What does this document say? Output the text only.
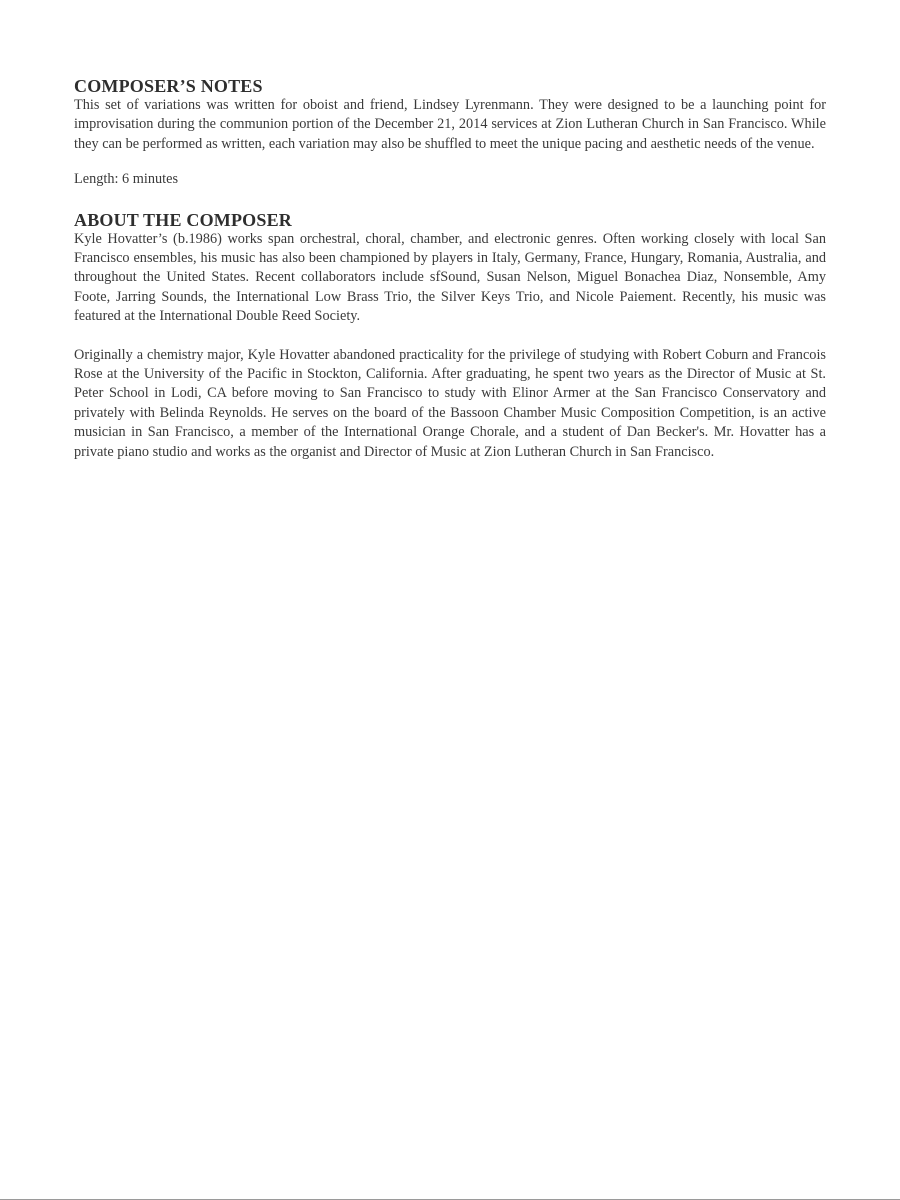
COMPOSER’S NOTES

This set of variations was written for oboist and friend, Lindsey Lyrenmann. They were designed to be a launching point for improvisation during the communion portion of the December 21, 2014 services at Zion Lutheran Church in San Francisco. While they can be performed as written, each variation may also be shuffled to meet the unique pacing and aesthetic needs of the venue.

Length: 6 minutes

ABOUT THE COMPOSER

Kyle Hovatter’s (b.1986) works span orchestral, choral, chamber, and electronic genres. Often working closely with local San Francisco ensembles, his music has also been championed by players in Italy, Germany, France, Hungary, Romania, Australia, and throughout the United States. Recent collaborators include sfSound, Susan Nelson, Miguel Bonachea Diaz, Nonsemble, Amy Foote, Jarring Sounds, the International Low Brass Trio, the Silver Keys Trio, and Nicole Paiement. Recently, his music was featured at the International Double Reed Society.

Originally a chemistry major, Kyle Hovatter abandoned practicality for the privilege of studying with Robert Coburn and Francois Rose at the University of the Pacific in Stockton, California. After graduating, he spent two years as the Director of Music at St. Peter School in Lodi, CA before moving to San Francisco to study with Elinor Armer at the San Francisco Conservatory and privately with Belinda Reynolds. He serves on the board of the Bassoon Chamber Music Composition Competition, is an active musician in San Francisco, a member of the International Orange Chorale, and a student of Dan Becker's. Mr. Hovatter has a private piano studio and works as the organist and Director of Music at Zion Lutheran Church in San Francisco.
